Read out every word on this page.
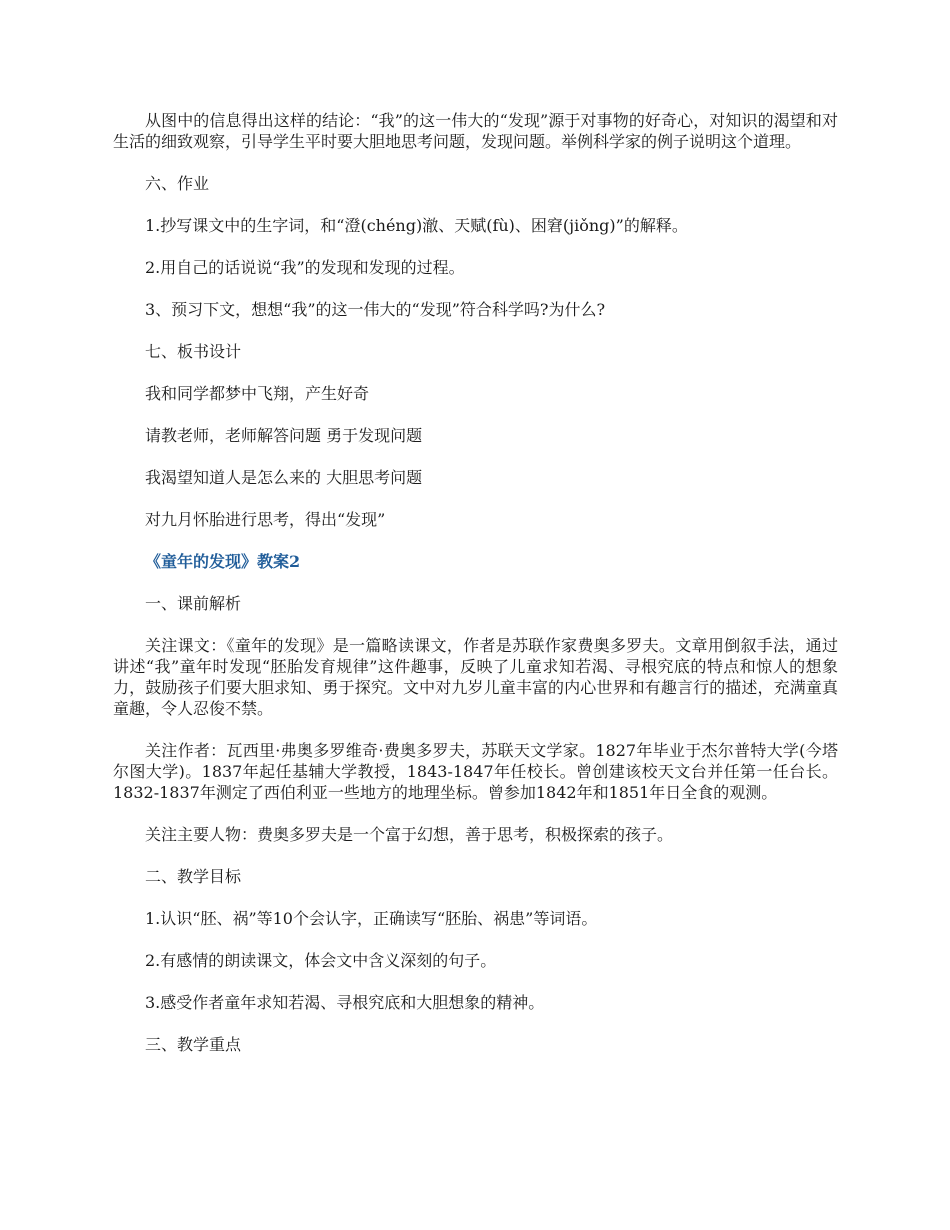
从图中的信息得出这样的结论：“我”的这一伟大的“发现”源于对事物的好奇心，对知识的渴望和对生活的细致观察，引导学生平时要大胆地思考问题，发现问题。举例科学家的例子说明这个道理。

六、作业

1.抄写课文中的生字词，和“澄(chéng)澈、天赋(fù)、困窘(jiǒng)”的解释。

2.用自己的话说说“我”的发现和发现的过程。

3、预习下文，想想“我”的这一伟大的“发现”符合科学吗?为什么?

七、板书设计

我和同学都梦中飞翔，产生好奇

请教老师，老师解答问题 勇于发现问题

我渴望知道人是怎么来的 大胆思考问题

对九月怀胎进行思考，得出“发现”

《童年的发现》教案2

一、课前解析

关注课文：《童年的发现》是一篇略读课文，作者是苏联作家费奥多罗夫。文章用倒叙手法，通过讲述“我”童年时发现“胚胎发育规律”这件趣事，反映了儿童求知若渴、寻根究底的特点和惊人的想象力，鼓励孩子们要大胆求知、勇于探究。文中对九岁儿童丰富的内心世界和有趣言行的描述，充满童真童趣，令人忍俊不禁。

关注作者：瓦西里·弗奥多罗维奇·费奥多罗夫，苏联天文学家。1827年毕业于杰尔普特大学(今塔尔图大学)。1837年起任基辅大学教授，1843-1847年任校长。曾创建该校天文台并任第一任台长。1832-1837年测定了西伯利亚一些地方的地理坐标。曾参加1842年和1851年日全食的观测。

关注主要人物：费奥多罗夫是一个富于幻想，善于思考，积极探索的孩子。

二、教学目标

1.认识“胚、祸”等10个会认字，正确读写“胚胎、祸患”等词语。

2.有感情的朗读课文，体会文中含义深刻的句子。

3.感受作者童年求知若渴、寻根究底和大胆想象的精神。

三、教学重点
